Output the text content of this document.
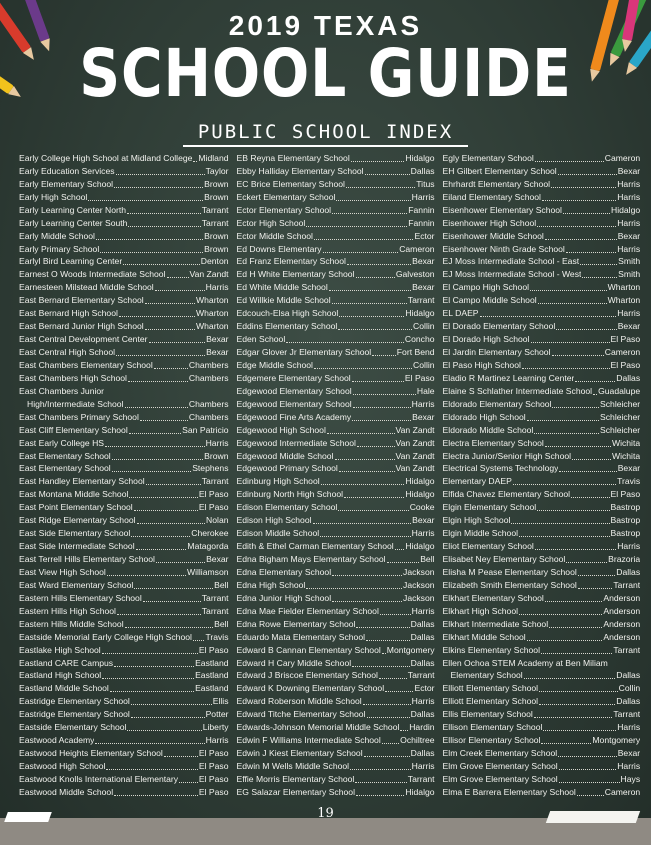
2019 TEXAS
SCHOOL GUIDE
PUBLIC SCHOOL INDEX
Early College High School at Midland College Midland
Early Education Services	Taylor
Early Elementary School	Brown
Early High School	Brown
Early Learning Center North	Tarrant
Early Learning Center South	Tarrant
Early Middle School	Brown
Early Primary School	Brown
Earlyl Bird Learning Center	Denton
Earnest O Woods Intermediate School	Van Zandt
Earnesteen Milstead Middle School	Harris
East Bernard Elementary School	Wharton
East Bernard High School	Wharton
East Bernard Junior High School	Wharton
East Central Development Center	Bexar
East Central High School	Bexar
East Chambers Elementary School	Chambers
East Chambers High School	Chambers
East Chambers Junior
High/Intermediate School	Chambers
East Chambers Primary School	Chambers
East Cliff Elementary School	San Patricio
East Early College HS	Harris
East Elementary School	Brown
East Elementary School	Stephens
East Handley Elementary School	Tarrant
East Montana Middle School	El Paso
East Point Elementary School	El Paso
East Ridge Elementary School	Nolan
East Side Elementary School	Cherokee
East Side Intermediate School	Matagorda
East Terrell Hills Elementary School	Bexar
East View High School	Williamson
East Ward Elementary School	Bell
Eastern Hills Elementary School	Tarrant
Eastern Hills High School	Tarrant
Eastern Hills Middle School	Bell
Eastside Memorial Early College High School Travis
Eastlake High School	El Paso
Eastland CARE Campus	Eastland
Eastland High School	Eastland
Eastland Middle School	Eastland
Eastridge Elementary School	Ellis
Eastridge Elementary School	Potter
Eastside Elementary School	Liberty
Eastwood Academy	Harris
Eastwood Heights Elementary School	El Paso
Eastwood High School	El Paso
Eastwood Knolls International Elementary El Paso
Eastwood Middle School	El Paso
EB Reyna Elementary School	Hidalgo
Ebby Halliday Elementary School	Dallas
EC Brice Elementary School	Titus
Eckert Elementary School	Harris
Ector Elementary School	Fannin
Ector High School	Fannin
Ector Middle School	Ector
Ed Downs Elementary	Cameron
Ed Franz Elementary School	Bexar
Ed H White Elementary School	Galveston
Ed White Middle School	Bexar
Ed Willkie Middle School	Tarrant
Edcouch-Elsa High School	Hidalgo
Eddins Elementary School	Collin
Eden School	Concho
Edgar Glover Jr Elementary School	Fort Bend
Edge Middle School	Collin
Edgemere Elementary School	El Paso
Edgewood Elementary School	Hale
Edgewood Elementary School	Harris
Edgewood Fine Arts Academy	Bexar
Edgewood High School	Van Zandt
Edgewood Intermediate School	Van Zandt
Edgewood Middle School	Van Zandt
Edgewood Primary School	Van Zandt
Edinburg High School	Hidalgo
Edinburg North High School	Hidalgo
Edison Elementary School	Cooke
Edison High School	Bexar
Edison Middle School	Harris
Edith & Ethel Carman Elementary School Hidalgo
Edna Bigham Mays Elementary School	Bell
Edna Elementary School	Jackson
Edna High School	Jackson
Edna Junior High School	Jackson
Edna Mae Fielder Elementary School	Harris
Edna Rowe Elementary School	Dallas
Eduardo Mata Elementary School	Dallas
Edward B Cannan Elementary School Montgomery
Edward H Cary Middle School	Dallas
Edward J Briscoe Elementary School	Tarrant
Edward K Downing Elementary School	Ector
Edward Roberson Middle School	Harris
Edward Titche Elementary School	Dallas
Edwards-Johnson Memorial Middle School Hardin
Edwin F Williams Intermediate School Ochiltree
Edwin J Kiest Elementary School	Dallas
Edwin M Wells Middle School	Harris
Effie Morris Elementary School	Tarrant
EG Salazar Elementary School	Hidalgo
Egly Elementary School	Cameron
EH Gilbert Elementary School	Bexar
Ehrhardt Elementary School	Harris
Eiland Elementary School	Harris
Eisenhower Elementary School	Hidalgo
Eisenhower High School	Harris
Eisenhower Middle School	Bexar
Eisenhower Ninth Grade School	Harris
EJ Moss Intermediate School - East	Smith
EJ Moss Intermediate School - West	Smith
El Campo High School	Wharton
El Campo Middle School	Wharton
EL DAEP	Harris
El Dorado Elementary School	Bexar
El Dorado High School	El Paso
El Jardin Elementary School	Cameron
El Paso High School	El Paso
Eladio R Martinez Learning Center	Dallas
Elaine S Schlather Intermediate School Guadalupe
Eldorado Elementary School	Schleicher
Eldorado High School	Schleicher
Eldorado Middle School	Schleicher
Electra Elementary School	Wichita
Electra Junior/Senior High School	Wichita
Electrical Systems Technology	Bexar
Elementary DAEP	Travis
Elfida Chavez Elementary School	El Paso
Elgin Elementary School	Bastrop
Elgin High School	Bastrop
Elgin Middle School	Bastrop
Eliot Elementary School	Harris
Elisabet Ney Elementary School	Brazoria
Elisha M Pease Elementary School	Dallas
Elizabeth Smith Elementary School	Tarrant
Elkhart Elementary School	Anderson
Elkhart High School	Anderson
Elkhart Intermediate School	Anderson
Elkhart Middle School	Anderson
Elkins Elementary School	Tarrant
Ellen Ochoa STEM Academy at Ben Miliam
Elementary School	Dallas
Elliott Elementary School	Collin
Elliott Elementary School	Dallas
Ellis Elementary School	Tarrant
Ellison Elementary School	Harris
Ellisor Elementary School	Montgomery
Elm Creek Elementary School	Bexar
Elm Grove Elementary School	Harris
Elm Grove Elementary School	Hays
Elma E Barrera Elementary School	Cameron
19
